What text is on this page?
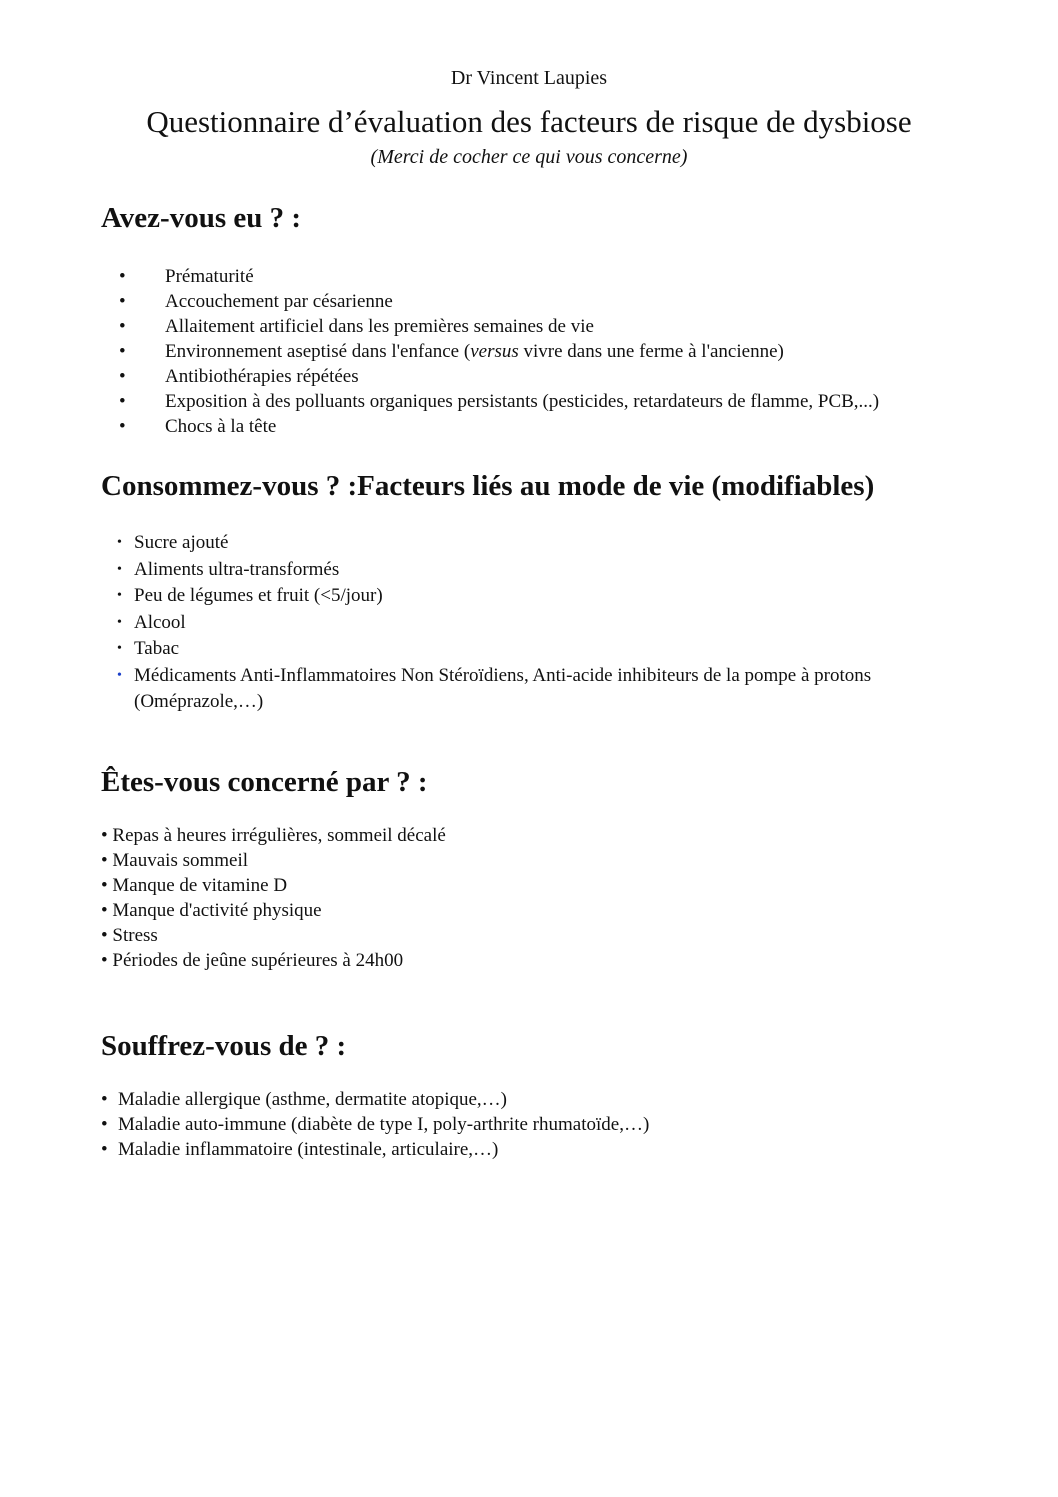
Dr Vincent Laupies
Questionnaire d’évaluation des facteurs de risque de dysbiose
(Merci de cocher ce qui vous concerne)
Avez-vous eu ? :
• Prématurité
• Accouchement par césarienne
• Allaitement artificiel dans les premières semaines de vie
• Environnement aseptisé dans l'enfance (versus vivre dans une ferme à l'ancienne)
• Antibiothérapies répétées
• Exposition à des polluants organiques persistants (pesticides, retardateurs de flamme, PCB,...)
• Chocs à la tête
Consommez-vous ? :Facteurs liés au mode de vie (modifiables)
• Sucre ajouté
• Aliments ultra-transformés
• Peu de légumes et fruit (<5/jour)
• Alcool
• Tabac
• Médicaments Anti-Inflammatoires Non Stéroïdiens, Anti-acide inhibiteurs de la pompe à protons (Oméprazole,…)
Êtes-vous concerné par ? :
• Repas à heures irrégulières, sommeil décalé
• Mauvais sommeil
• Manque de vitamine D
• Manque d'activité physique
• Stress
• Périodes de jeûne supérieures à 24h00
Souffrez-vous de ? :
• Maladie allergique (asthme, dermatite atopique,…)
• Maladie auto-immune (diabète de type I, poly-arthrite rhumatoïde,…)
• Maladie inflammatoire (intestinale, articulaire,…)
